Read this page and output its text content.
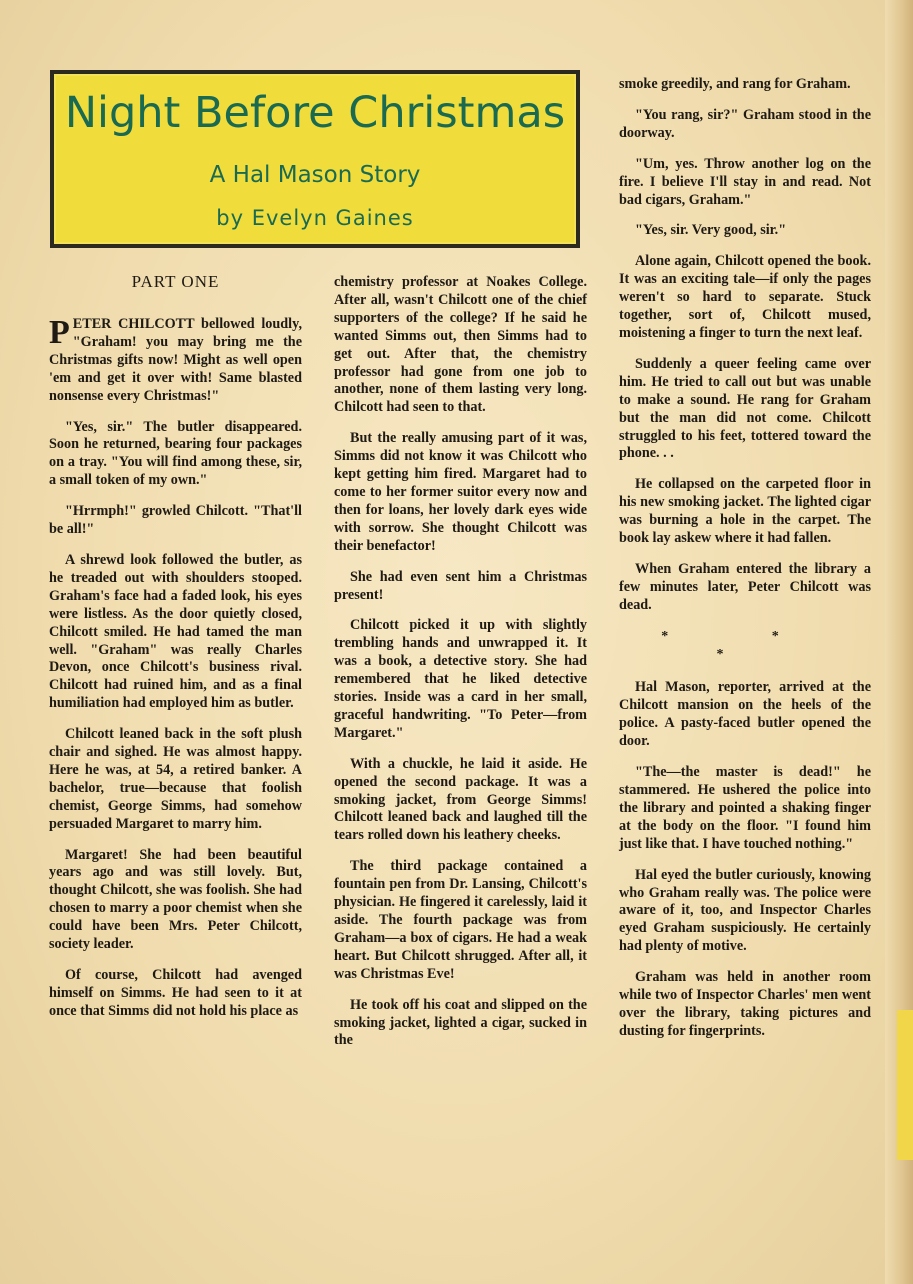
Night Before Christmas
A Hal Mason Story
by Evelyn Gaines
PART ONE

PETER CHILCOTT bellowed loudly, "Graham! you may bring me the Christmas gifts now! Might as well open 'em and get it over with! Same blasted nonsense every Christmas!"

"Yes, sir." The butler disappeared. Soon he returned, bearing four packages on a tray. "You will find among these, sir, a small token of my own."

"Hrrmph!" growled Chilcott. "That'll be all!"

A shrewd look followed the butler, as he treaded out with shoulders stooped. Graham's face had a faded look, his eyes were listless. As the door quietly closed, Chilcott smiled. He had tamed the man well. "Graham" was really Charles Devon, once Chilcott's business rival. Chilcott had ruined him, and as a final humiliation had employed him as butler.

Chilcott leaned back in the soft plush chair and sighed. He was almost happy. Here he was, at 54, a retired banker. A bachelor, true—because that foolish chemist, George Simms, had somehow persuaded Margaret to marry him.

Margaret! She had been beautiful years ago and was still lovely. But, thought Chilcott, she was foolish. She had chosen to marry a poor chemist when she could have been Mrs. Peter Chilcott, society leader.

Of course, Chilcott had avenged himself on Simms. He had seen to it at once that Simms did not hold his place as

chemistry professor at Noakes College. After all, wasn't Chilcott one of the chief supporters of the college? If he said he wanted Simms out, then Simms had to get out. After that, the chemistry professor had gone from one job to another, none of them lasting very long. Chilcott had seen to that.

But the really amusing part of it was, Simms did not know it was Chilcott who kept getting him fired. Margaret had to come to her former suitor every now and then for loans, her lovely dark eyes wide with sorrow. She thought Chilcott was their benefactor!

She had even sent him a Christmas present!

Chilcott picked it up with slightly trembling hands and unwrapped it. It was a book, a detective story. She had remembered that he liked detective stories. Inside was a card in her small, graceful handwriting. "To Peter—from Margaret."

With a chuckle, he laid it aside. He opened the second package. It was a smoking jacket, from George Simms! Chilcott leaned back and laughed till the tears rolled down his leathery cheeks.

The third package contained a fountain pen from Dr. Lansing, Chilcott's physician. He fingered it carelessly, laid it aside. The fourth package was from Graham—a box of cigars. He had a weak heart. But Chilcott shrugged. After all, it was Christmas Eve!

He took off his coat and slipped on the smoking jacket, lighted a cigar, sucked in the

smoke greedily, and rang for Graham.

"You rang, sir?" Graham stood in the doorway.

"Um, yes. Throw another log on the fire. I believe I'll stay in and read. Not bad cigars, Graham."

"Yes, sir. Very good, sir."

Alone again, Chilcott opened the book. It was an exciting tale—if only the pages weren't so hard to separate. Stuck together, sort of, Chilcott mused, moistening a finger to turn the next leaf.

Suddenly a queer feeling came over him. He tried to call out but was unable to make a sound. He rang for Graham but the man did not come. Chilcott struggled to his feet, tottered toward the phone. . .

He collapsed on the carpeted floor in his new smoking jacket. The lighted cigar was burning a hole in the carpet. The book lay askew where it had fallen.

When Graham entered the library a few minutes later, Peter Chilcott was dead.

* * *

Hal Mason, reporter, arrived at the Chilcott mansion on the heels of the police. A pasty-faced butler opened the door.

"The—the master is dead!" he stammered. He ushered the police into the library and pointed a shaking finger at the body on the floor. "I found him just like that. I have touched nothing."

Hal eyed the butler curiously, knowing who Graham really was. The police were aware of it, too, and Inspector Charles eyed Graham suspiciously. He certainly had plenty of motive.

Graham was held in another room while two of Inspector Charles' men went over the library, taking pictures and dusting for fingerprints.
